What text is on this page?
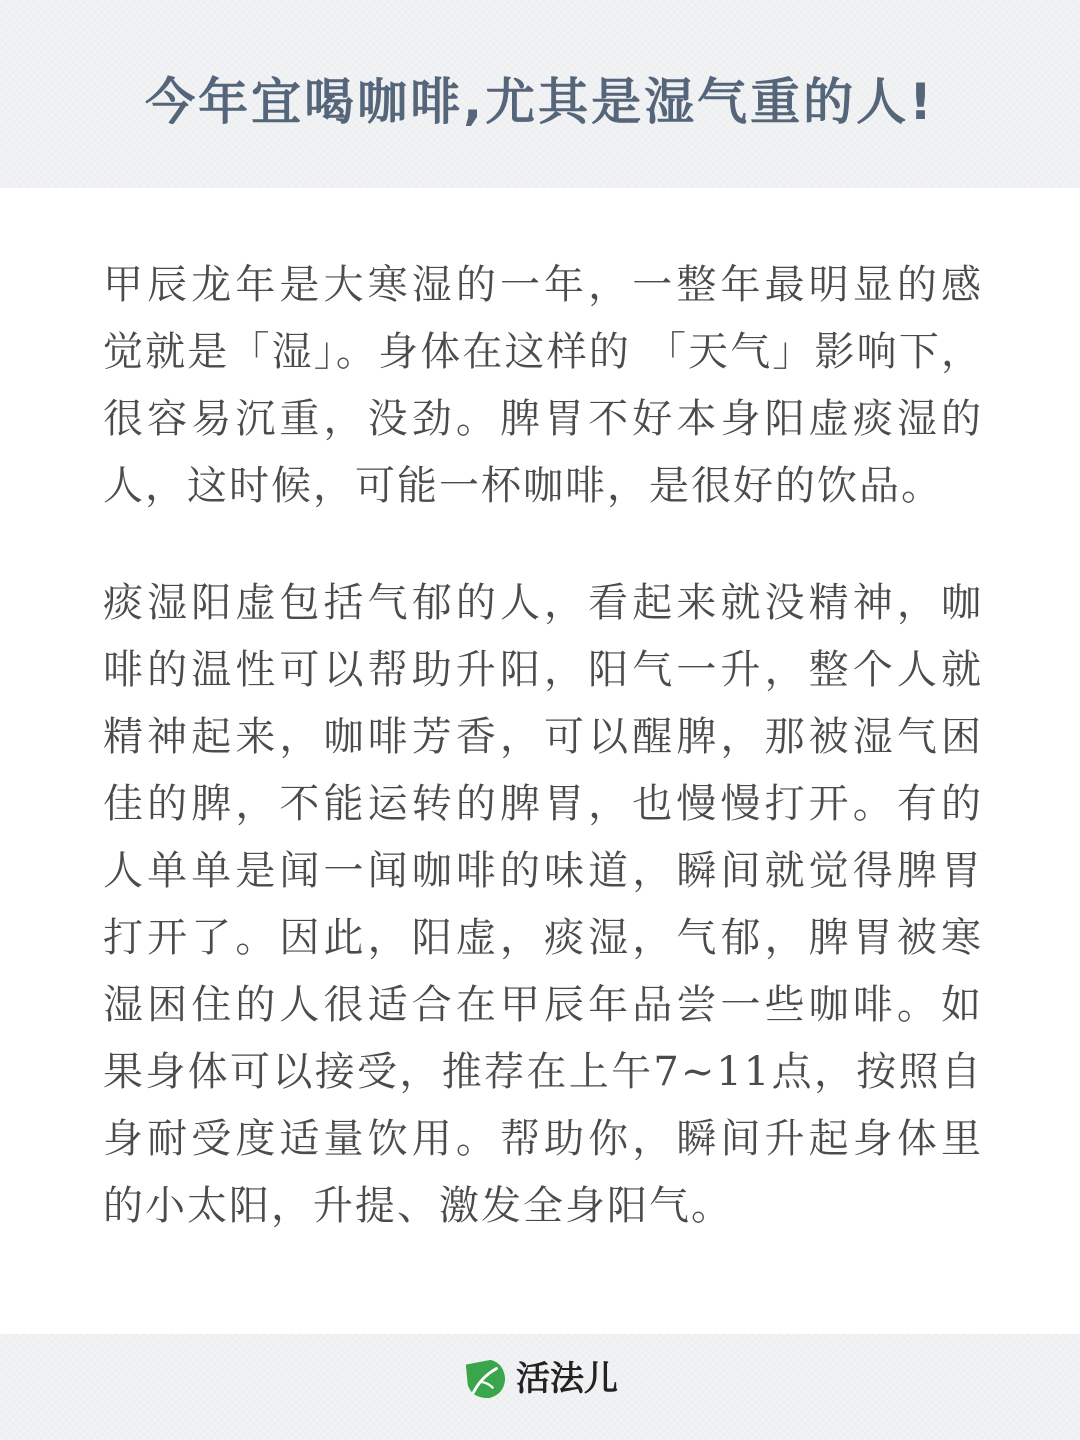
今年宜喝咖啡,尤其是湿气重的人!

甲辰龙年是大寒湿的一年，一整年最明显的感觉就是「湿」。身体在这样的 「天气」影响下，很容易沉重，没劲。脾胃不好本身阳虚痰湿的人，这时候，可能一杯咖啡，是很好的饮品。

痰湿阳虚包括气郁的人，看起来就没精神，咖啡的温性可以帮助升阳，阳气一升，整个人就精神起来，咖啡芳香，可以醒脾，那被湿气困佳的脾，不能运转的脾胃，也慢慢打开。有的人单单是闻一闻咖啡的味道，瞬间就觉得脾胃打开了。因此，阳虚，痰湿，气郁，脾胃被寒湿困住的人很适合在甲辰年品尝一些咖啡。如果身体可以接受，推荐在上午7~11点，按照自身耐受度适量饮用。帮助你，瞬间升起身体里的小太阳，升提、激发全身阳气。

活法儿
